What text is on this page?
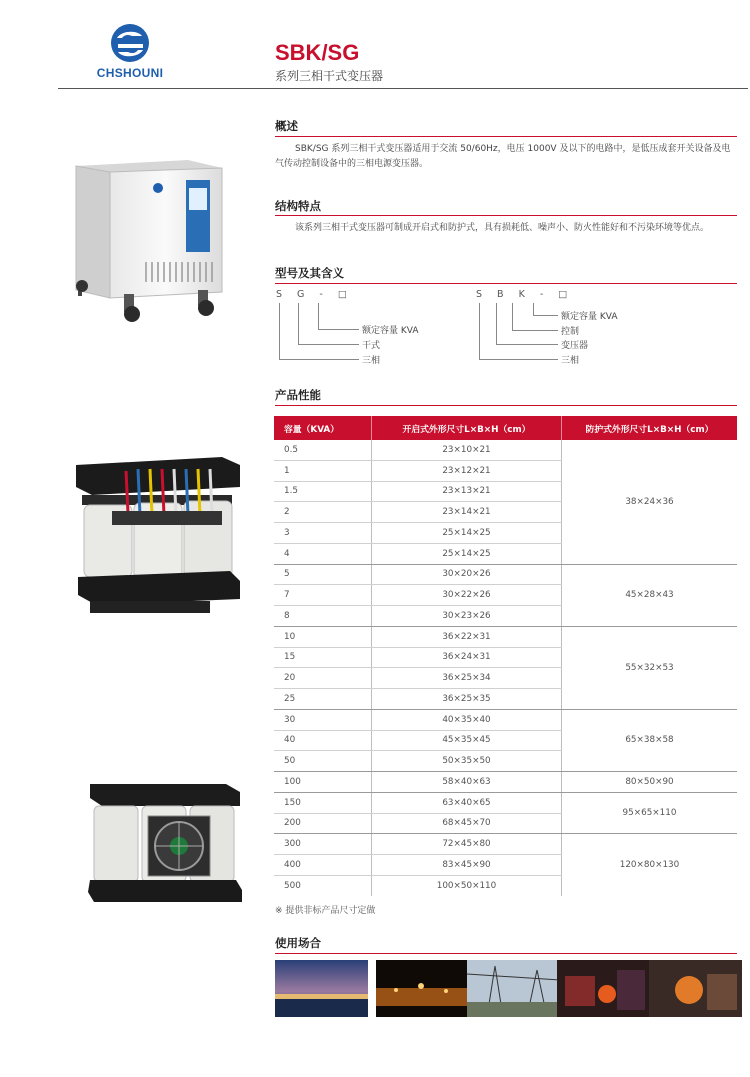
CHSHOUNI
SBK/SG
系列三相干式变压器
概述
SBK/SG 系列三相干式变压器适用于交流 50/60Hz，电压 1000V 及以下的电路中，是低压成套开关设备及电气传动控制设备中的三相电源变压器。
结构特点
该系列三相干式变压器可制成开启式和防护式，具有损耗低、噪声小、防火性能好和不污染环境等优点。
型号及其含义
S G - □
额定容量 KVA
干式
三相
S B K - □
额定容量 KVA
控制
变压器
三相
产品性能
容量（KVA）	开启式外形尺寸L×B×H（cm）	防护式外形尺寸L×B×H（cm）
0.5	23×10×21	38×24×36
1	23×12×21	
1.5	23×13×21	
2	23×14×21	
3	25×14×25	
4	25×14×25	
5	30×20×26	45×28×43
7	30×22×26	
8	30×23×26	
10	36×22×31	55×32×53
15	36×24×31	
20	36×25×34	
25	36×25×35	
30	40×35×40	65×38×58
40	45×35×45	
50	50×35×50	
100	58×40×63	80×50×90
150	63×40×65	95×65×110
200	68×45×70	
300	72×45×80	120×80×130
400	83×45×90	
500	100×50×110	
※ 提供非标产品尺寸定做
使用场合
